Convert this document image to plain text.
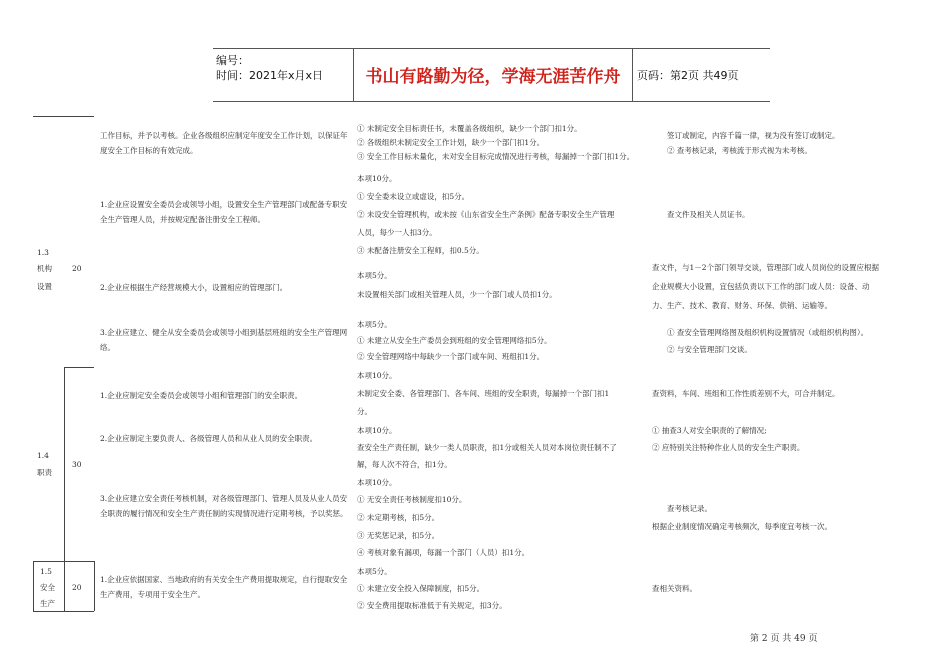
编号：
时间：2021年x月x日	书山有路勤为径，学海无涯苦作舟	页码：第2页 共49页
工作目标，并予以考核。企业各级组织应制定年度安全工作计划，以保证年度安全工作目标的有效完成。
① 未制定安全目标责任书，未覆盖各级组织，缺少一个部门扣1分。
② 各级组织未制定安全工作计划，缺少一个部门扣1分。
③ 安全工作目标未量化，未对安全目标完成情况进行考核，每漏掉一个部门扣1分。
签订或制定，内容千篇一律，视为没有签订或制定。
② 查考核记录，考核流于形式视为未考核。
1.3
机构
设置
20
1.企业应设置安全委员会或领导小组，设置安全生产管理部门或配备专职安全生产管理人员，并按规定配备注册安全工程师。
本项10分。
① 安全委未设立或虚设，扣5分。
② 未设安全管理机构，或未按《山东省安全生产条例》配备专职安全生产管理
人员，每少一人扣3分。
③ 未配备注册安全工程师，扣0.5分。
查文件及相关人员证书。
2.企业应根据生产经营规模大小，设置相应的管理部门。
本项5分。
未设置相关部门或相关管理人员，少一个部门或人员扣1分。
查文件，与1－2个部门领导交谈，管理部门或人员岗位的设置应根据
企业规模大小设置，宜包括负责以下工作的部门或人员：设备、动
力、生产、技术、教育、财务、环保、供销、运输等。
3.企业应建立、健全从安全委员会或领导小组到基层班组的安全生产管理网络。
本项5分。
① 未建立从安全生产委员会到班组的安全管理网络扣5分。
② 安全管理网络中每缺少一个部门或车间、班组扣1分。
① 查安全管理网络图及组织机构设置情况（或组织机构图）。
② 与安全管理部门交谈。
1.4
职责
30
1.企业应制定安全委员会或领导小组和管理部门的安全职责。
本项10分。
未制定安全委、各管理部门、各车间、班组的安全职责，每漏掉一个部门扣1
分。
查资料，车间、班组和工作性质差别不大，可合并制定。
2.企业应制定主要负责人、各级管理人员和从业人员的安全职责。
本项10分。
查安全生产责任制，缺少一类人员职责，扣1分或相关人员对本岗位责任制不了
解，每人次不符合，扣1分。
① 抽查3人对安全职责的了解情况;
② 应特别关注特种作业人员的安全生产职责。
3.企业应建立安全责任考核机制，对各级管理部门、管理人员及从业人员安全职责的履行情况和安全生产责任制的实现情况进行定期考核，予以奖惩。
本项10分。
① 无安全责任考核制度扣10分。
② 未定期考核，扣5分。
③ 无奖惩记录，扣5分。
④ 考核对象有漏项，每漏一个部门（人员）扣1分。
查考核记录。
根据企业制度情况确定考核频次，每季度宜考核一次。
1.5
安全
生产
20
1.企业应依据国家、当地政府的有关安全生产费用提取规定，自行提取安全生产费用，专项用于安全生产。
本项5分。
① 未建立安全投入保障制度，扣5分。
② 安全费用提取标准低于有关规定，扣3分。
查相关资料。
第 2 页 共 49 页
